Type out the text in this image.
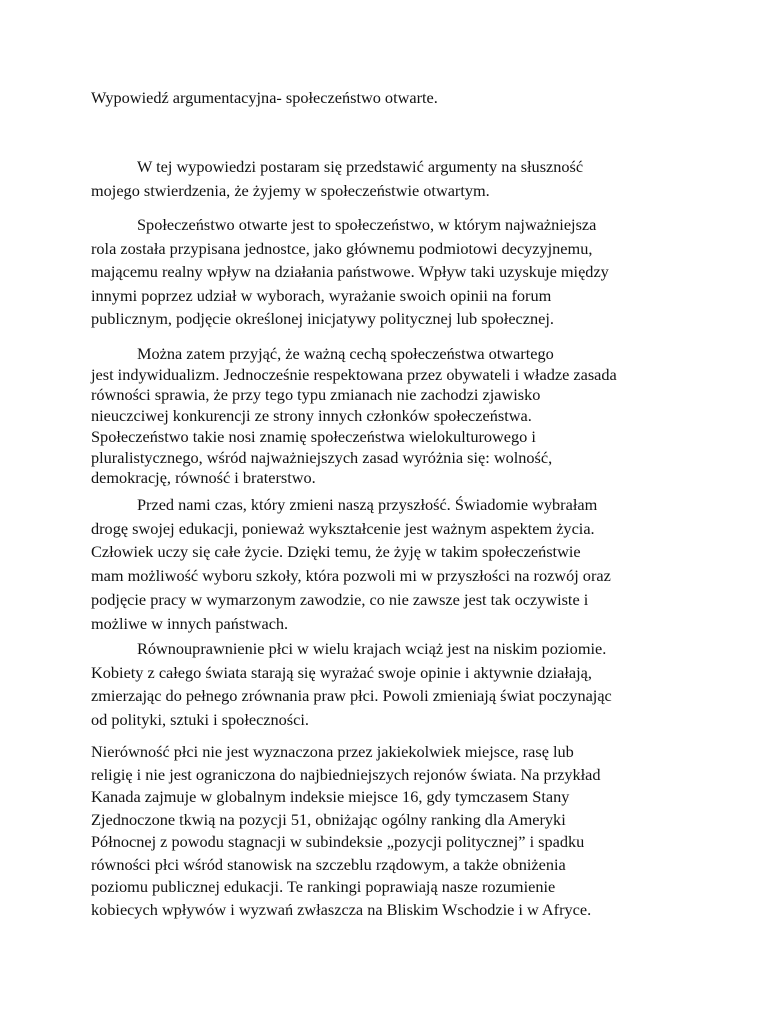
Wypowiedź argumentacyjna- społeczeństwo otwarte.

W tej wypowiedzi postaram się przedstawić argumenty na słuszność
mojego stwierdzenia, że żyjemy w społeczeństwie otwartym.

Społeczeństwo otwarte jest to społeczeństwo, w którym najważniejsza
rola została przypisana jednostce, jako głównemu podmiotowi decyzyjnemu,
mającemu realny wpływ na działania państwowe. Wpływ taki uzyskuje między
innymi poprzez udział w wyborach, wyrażanie swoich opinii na forum
publicznym, podjęcie określonej inicjatywy politycznej lub społecznej.

Można zatem przyjąć, że ważną cechą społeczeństwa otwartego
jest indywidualizm. Jednocześnie respektowana przez obywateli i władze zasada
równości sprawia, że przy tego typu zmianach nie zachodzi zjawisko
nieuczciwej konkurencji ze strony innych członków społeczeństwa.
Społeczeństwo takie nosi znamię społeczeństwa wielokulturowego i
pluralistycznego, wśród najważniejszych zasad wyróżnia się: wolność,
demokrację, równość i braterstwo.

Przed nami czas, który zmieni naszą przyszłość. Świadomie wybrałam
drogę swojej edukacji, ponieważ wykształcenie jest ważnym aspektem życia.
Człowiek uczy się całe życie. Dzięki temu, że żyję w takim społeczeństwie
mam możliwość wyboru szkoły, która pozwoli mi w przyszłości na rozwój oraz
podjęcie pracy w wymarzonym zawodzie, co nie zawsze jest tak oczywiste i
możliwe w innych państwach.

Równouprawnienie płci w wielu krajach wciąż jest na niskim poziomie.
Kobiety z całego świata starają się wyrażać swoje opinie i aktywnie działają,
zmierzając do pełnego zrównania praw płci. Powoli zmieniają świat poczynając
od polityki, sztuki i społeczności.

Nierówność płci nie jest wyznaczona przez jakiekolwiek miejsce, rasę lub
religię i nie jest ograniczona do najbiedniejszych rejonów świata. Na przykład
Kanada zajmuje w globalnym indeksie miejsce 16, gdy tymczasem Stany
Zjednoczone tkwią na pozycji 51, obniżając ogólny ranking dla Ameryki
Północnej z powodu stagnacji w subindeksie „pozycji politycznej” i spadku
równości płci wśród stanowisk na szczeblu rządowym, a także obniżenia
poziomu publicznej edukacji. Te rankingi poprawiają nasze rozumienie
kobiecych wpływów i wyzwań zwłaszcza na Bliskim Wschodzie i w Afryce.
